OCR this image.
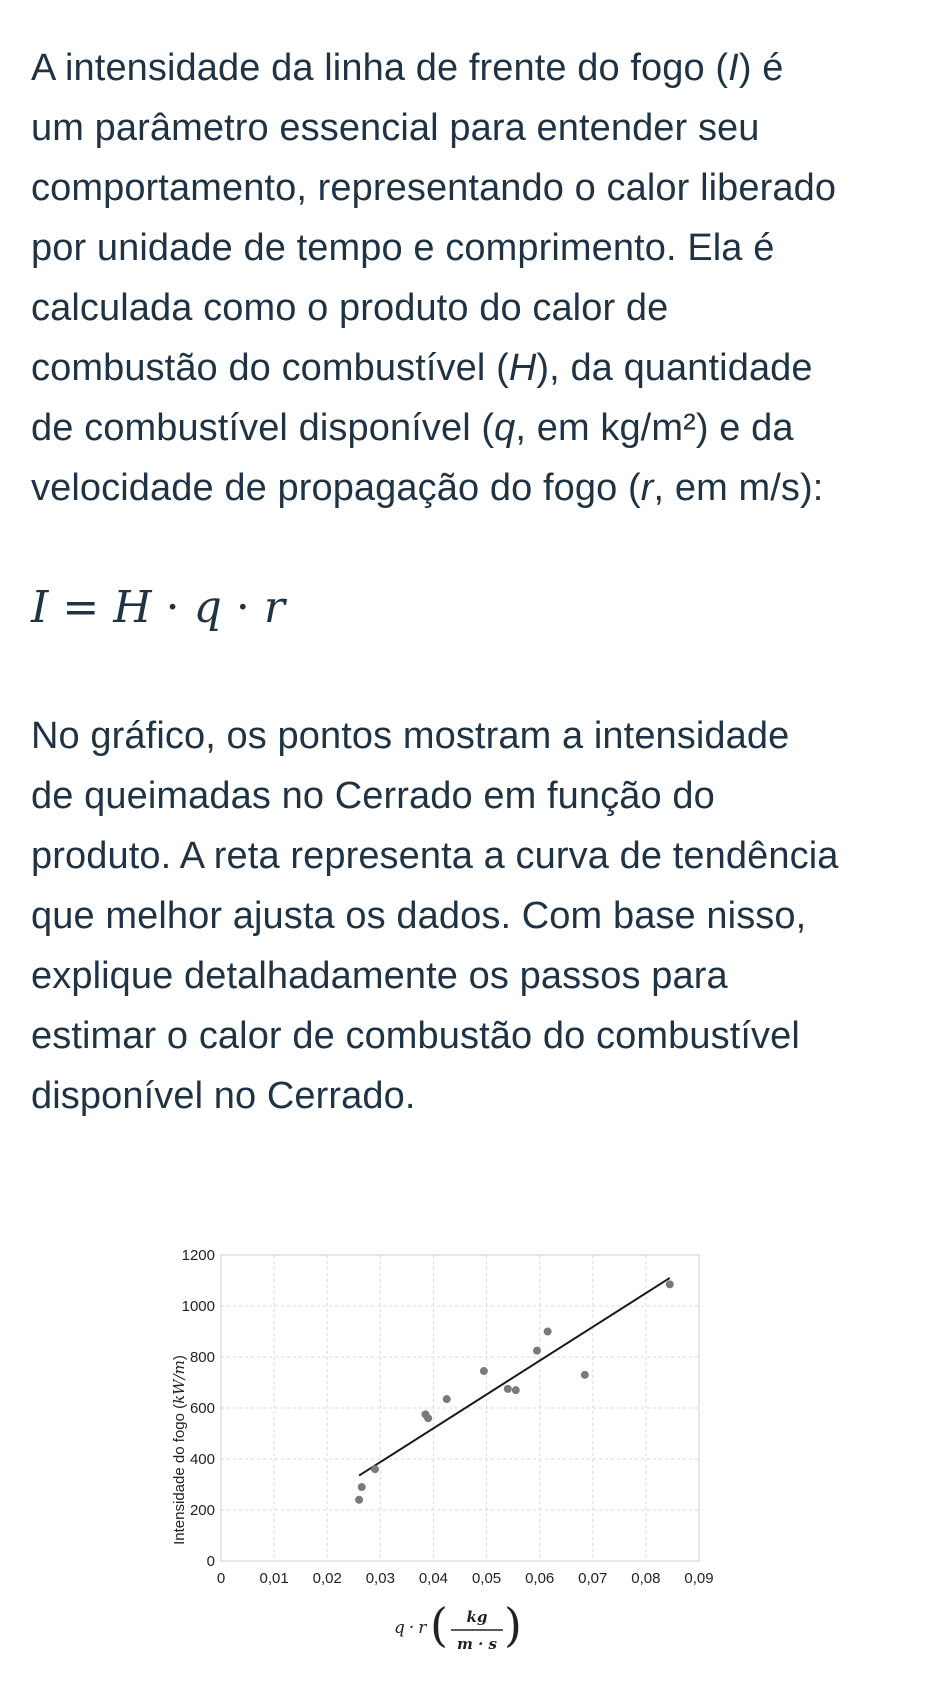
A intensidade da linha de frente do fogo (I) é
um parâmetro essencial para entender seu
comportamento, representando o calor liberado
por unidade de tempo e comprimento. Ela é
calculada como o produto do calor de
combustão do combustível (H), da quantidade
de combustível disponível (q, em kg/m²) e da
velocidade de propagação do fogo (r, em m/s):
I = H · q · r
No gráfico, os pontos mostram a intensidade
de queimadas no Cerrado em função do
produto. A reta representa a curva de tendência
que melhor ajusta os dados. Com base nisso,
explique detalhadamente os passos para
estimar o calor de combustão do combustível
disponível no Cerrado.
0
200
400
600
800
1000
1200
0 0,01 0,02 0,03 0,04 0,05 0,06 0,07 0,08 0,09
Intensidade do fogo (kW/m)
q · r ( kg
m · s )
